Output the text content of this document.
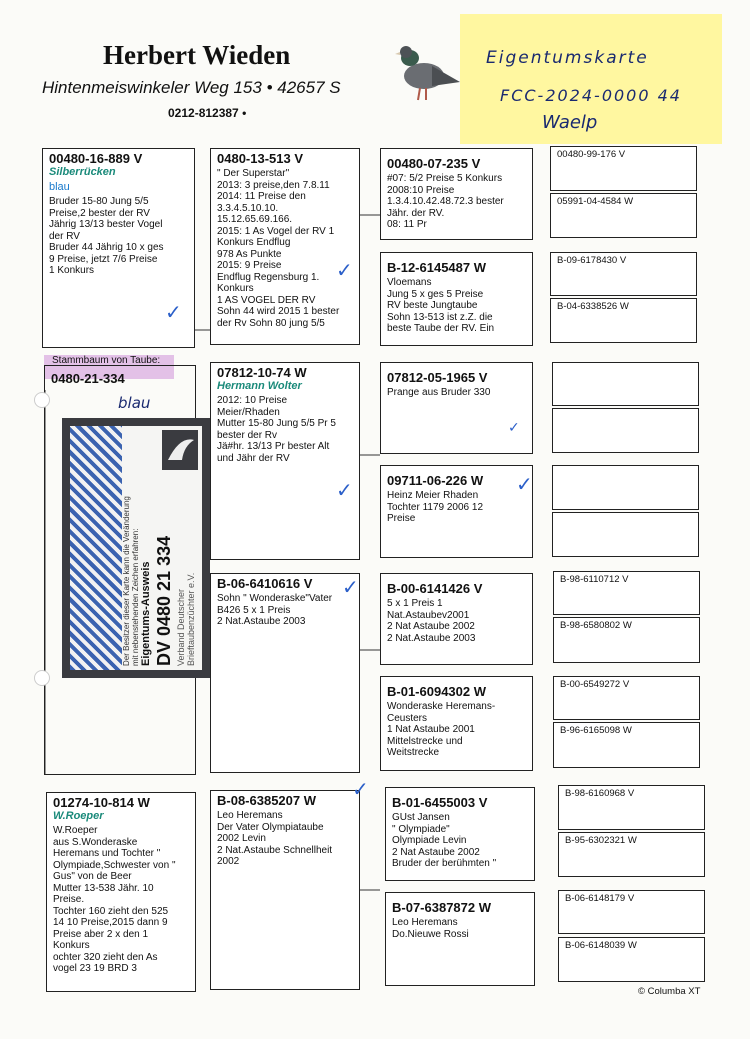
Herbert Wieden
Hintenmeiswinkeler Weg 153 • 42657 S
0212-812387 •
Eigentumskarte
FCC-2024-0000 44
Waelp
00480-16-889 V
Silberrücken
blau
Bruder 15-80 Jung 5/5
Preise,2 bester der RV
Jährig 13/13 bester Vogel
der RV
Bruder 44 Jährig 10 x ges
9 Preise, jetzt 7/6 Preise
1 Konkurs
Stammbaum von Taube:
0480-21-334
blau
01274-10-814 W
W.Roeper
W.Roeper
aus S.Wonderaske
Heremans und Tochter "
Olympiade,Schwester von "
Gus" von de Beer
Mutter 13-538 Jähr. 10
Preise.
Tochter 160 zieht den 525
14 10 Preise,2015 dann 9
Preise aber 2 x den 1
Konkurs
ochter 320 zieht den As
vogel 23 19 BRD 3
0480-13-513 V
" Der Superstar"
2013: 3 preise,den 7.8.11
2014: 11 Preise den
3.3.4.5.10.10.
15.12.65.69.166.
2015: 1 As Vogel der RV 1
Konkurs Endflug
978 As Punkte
2015: 9 Preise
Endflug Regensburg 1.
Konkurs
1 AS VOGEL DER RV
Sohn 44 wird 2015 1 bester
der Rv Sohn 80 jung 5/5
07812-10-74 W
Hermann Wolter
2012: 10 Preise
Meier/Rhaden
Mutter 15-80 Jung 5/5 Pr 5
bester der Rv
Jä#hr. 13/13 Pr bester Alt
und Jähr der RV
B-06-6410616 V
Sohn " Wonderaske"Vater
B426 5 x 1 Preis
2 Nat.Astaube 2003
B-08-6385207 W
Leo Heremans
Der Vater Olympiataube
2002 Levin
2 Nat.Astaube Schnellheit
2002
00480-07-235 V
#07: 5/2 Preise 5 Konkurs
2008:10 Preise
1.3.4.10.42.48.72.3 bester
Jähr. der RV.
08: 11 Pr
B-12-6145487 W
Vloemans
Jung 5 x ges 5 Preise
RV beste Jungtaube
Sohn 13-513 ist z.Z. die
beste Taube der RV. Ein
07812-05-1965 V
Prange aus Bruder 330
09711-06-226 W
Heinz Meier Rhaden
Tochter 1179 2006 12
Preise
B-00-6141426 V
5 x 1 Preis 1
Nat.Astaubev2001
2 Nat Astaube 2002
2 Nat.Astaube 2003
B-01-6094302 W
Wonderaske Heremans-
Ceusters
1 Nat Astaube 2001
Mittelstrecke und
Weitstrecke
B-01-6455003 V
GUst Jansen
" Olympiade"
Olympiade Levin
2 Nat Astaube 2002
Bruder der berühmten "
B-07-6387872 W
Leo Heremans
Do.Nieuwe Rossi
00480-99-176 V
05991-04-4584 W
B-09-6178430 V
B-04-6338526 W
B-98-6110712 V
B-98-6580802 W
B-00-6549272 V
B-96-6165098 W
B-98-6160968 V
B-95-6302321 W
B-06-6148179 V
B-06-6148039 W
✓
✓
✓
✓
✓
✓
✓
Der Besitzer dieser Karte kann die Veränderung
mit nebenstehenden Zeichen erfahren:
Eigentums-Ausweis DV 0480 21 334 Verband Deutscher
Brieftaubenzüchter e.V.
© Columba XT
